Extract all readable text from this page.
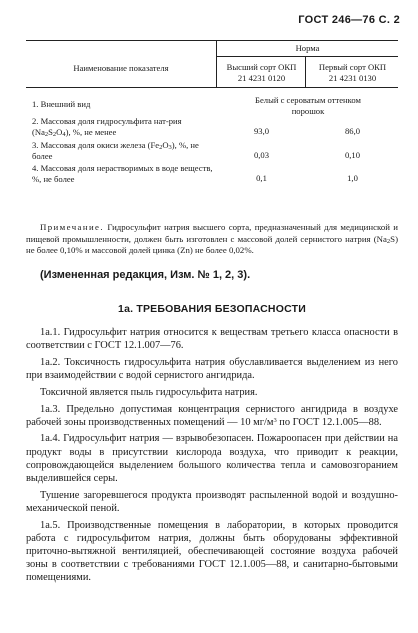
ГОСТ 246—76 С. 2
Наименование показателя
Норма
Высший сорт ОКП
21 4231 0120
Первый сорт ОКП
21 4231 0130
1. Внешний вид	Белый с сероватым оттенком
порошок
2. Массовая доля гидросульфита нат-рия $(Na_2S_2O_4)$, %, не менее	93,0	86,0
3. Массовая доля окиси железа $(Fe_2O_3)$, %, не более	0,03	0,10
4. Массовая доля нерастворимых в воде веществ, %, не более	0,1	1,0
Примечание. Гидросульфит натрия высшего сорта, предназначенный для медицинской и пищевой промышленности, должен быть изготовлен с массовой долей сернистого натрия $(Na_2S)$ не более 0,10% и массовой долей цинка (Zn) не более 0,02%.
(Измененная редакция, Изм. № 1, 2, 3).
1а. ТРЕБОВАНИЯ БЕЗОПАСНОСТИ

1а.1. Гидросульфит натрия относится к веществам третьего класса опасности в соответствии с ГОСТ 12.1.007—76.

1а.2. Токсичность гидросульфита натрия обуславливается выделением из него при взаимодействии с водой сернистого ангидрида.

Токсичной является пыль гидросульфита натрия.

1а.3. Предельно допустимая концентрация сернистого ангидрида в воздухе рабочей зоны производственных помещений — 10 $мг/м^3$ по ГОСТ 12.1.005—88.

1а.4. Гидросульфит натрия — взрывобезопасен. Пожароопасен при действии на продукт воды в присутствии кислорода воздуха, что приводит к реакции, сопровождающейся выделением большого количества тепла и самовозгоранием выделившейся серы.

Тушение загоревшегося продукта производят распыленной водой и воздушно-механической пеной.

1а.5. Производственные помещения в лаборатории, в которых проводится работа с гидросульфитом натрия, должны быть оборудованы эффективной приточно-вытяжной вентиляцией, обеспечивающей состояние воздуха рабочей зоны в соответствии с требованиями ГОСТ 12.1.005—88, и санитарно-бытовыми помещениями.
